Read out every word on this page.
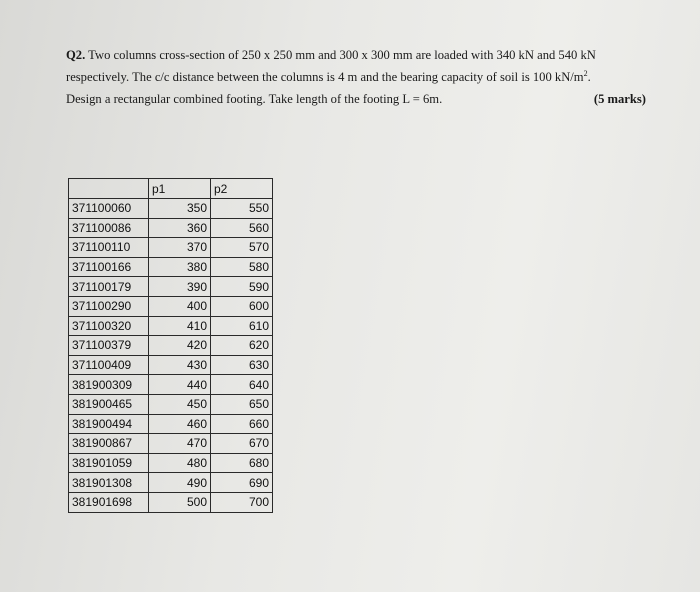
Q2. Two columns cross-section of 250 x 250 mm and 300 x 300 mm are loaded with 340 kN and 540 kN
respectively. The c/c distance between the columns is 4 m and the bearing capacity of soil is 100 $kN/m^2$.
Design a rectangular combined footing. Take length of the footing L = 6m.	(5 marks)
	p1	p2
371100060	350	550
371100086	360	560
371100110	370	570
371100166	380	580
371100179	390	590
371100290	400	600
371100320	410	610
371100379	420	620
371100409	430	630
381900309	440	640
381900465	450	650
381900494	460	660
381900867	470	670
381901059	480	680
381901308	490	690
381901698	500	700
